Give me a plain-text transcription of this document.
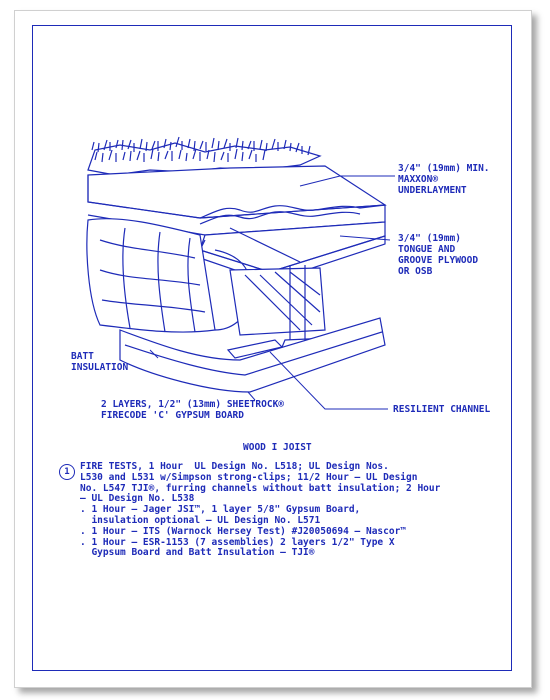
3/4" (19mm) MIN.
MAXXON®
UNDERLAYMENT
3/4" (19mm)
TONGUE AND
GROOVE PLYWOOD
OR OSB
BATT
INSULATION
2 LAYERS, 1/2" (13mm) SHEETROCK®
FIRECODE 'C' GYPSUM BOARD
RESILIENT CHANNEL
WOOD I JOIST
1	FIRE TESTS, 1 Hour  UL Design No. L518; UL Design Nos.
L530 and L531 w/Simpson strong-clips; 11/2 Hour — UL Design
No. L547 TJI®, furring channels without batt insulation; 2 Hour
— UL Design No. L538
. 1 Hour — Jager JSI™, 1 layer 5/8" Gypsum Board,
insulation optional — UL Design No. L571
. 1 Hour — ITS (Warnock Hersey Test) #J20050694 — Nascor™
. 1 Hour — ESR-1153 (7 assemblies) 2 layers 1/2" Type X
Gypsum Board and Batt Insulation — TJI®
